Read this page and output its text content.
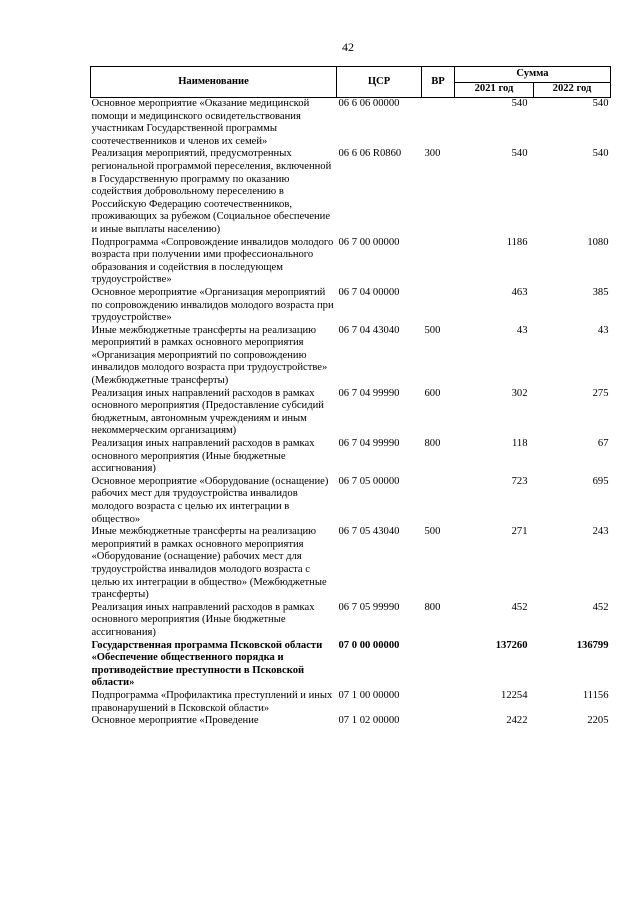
42
Наименование	ЦСР	ВР	Сумма	
			2021 год	2022 год
Основное мероприятие «Оказание медицинской помощи и медицинского освидетельствования участникам Государственной программы соотечественников и членов их семей»	06 6 06 00000		540	540
Реализация мероприятий, предусмотренных региональной программой переселения, включенной в Государственную программу по оказанию содействия добровольному переселению в Российскую Федерацию соотечественников, проживающих за рубежом (Социальное обеспечение и иные выплаты населению)	06 6 06 R0860	300	540	540
Подпрограмма «Сопровождение инвалидов молодого возраста при получении ими профессионального образования и содействия в последующем трудоустройстве»	06 7 00 00000		1186	1080
Основное мероприятие «Организация мероприятий по сопровождению инвалидов молодого возраста при трудоустройстве»	06 7 04 00000		463	385
Иные межбюджетные трансферты на реализацию мероприятий в рамках основного мероприятия «Организация мероприятий по сопровождению инвалидов молодого возраста при трудоустройстве» (Межбюджетные трансферты)	06 7 04 43040	500	43	43
Реализация иных направлений расходов в рамках основного мероприятия (Предоставление субсидий бюджетным, автономным учреждениям и иным некоммерческим организациям)	06 7 04 99990	600	302	275
Реализация иных направлений расходов в рамках основного мероприятия (Иные бюджетные ассигнования)	06 7 04 99990	800	118	67
Основное мероприятие «Оборудование (оснащение) рабочих мест для трудоустройства инвалидов молодого возраста с целью их интеграции в общество»	06 7 05 00000		723	695
Иные межбюджетные трансферты на реализацию мероприятий в рамках основного мероприятия «Оборудование (оснащение) рабочих мест для трудоустройства инвалидов молодого возраста с целью их интеграции в общество» (Межбюджетные трансферты)	06 7 05 43040	500	271	243
Реализация иных направлений расходов в рамках основного мероприятия (Иные бюджетные ассигнования)	06 7 05 99990	800	452	452
Государственная программа Псковской области «Обеспечение общественного порядка и противодействие преступности в Псковской области»	07 0 00 00000		137260	136799
Подпрограмма «Профилактика преступлений и иных правонарушений в Псковской области»	07 1 00 00000		12254	11156
Основное мероприятие «Проведение	07 1 02 00000		2422	2205
